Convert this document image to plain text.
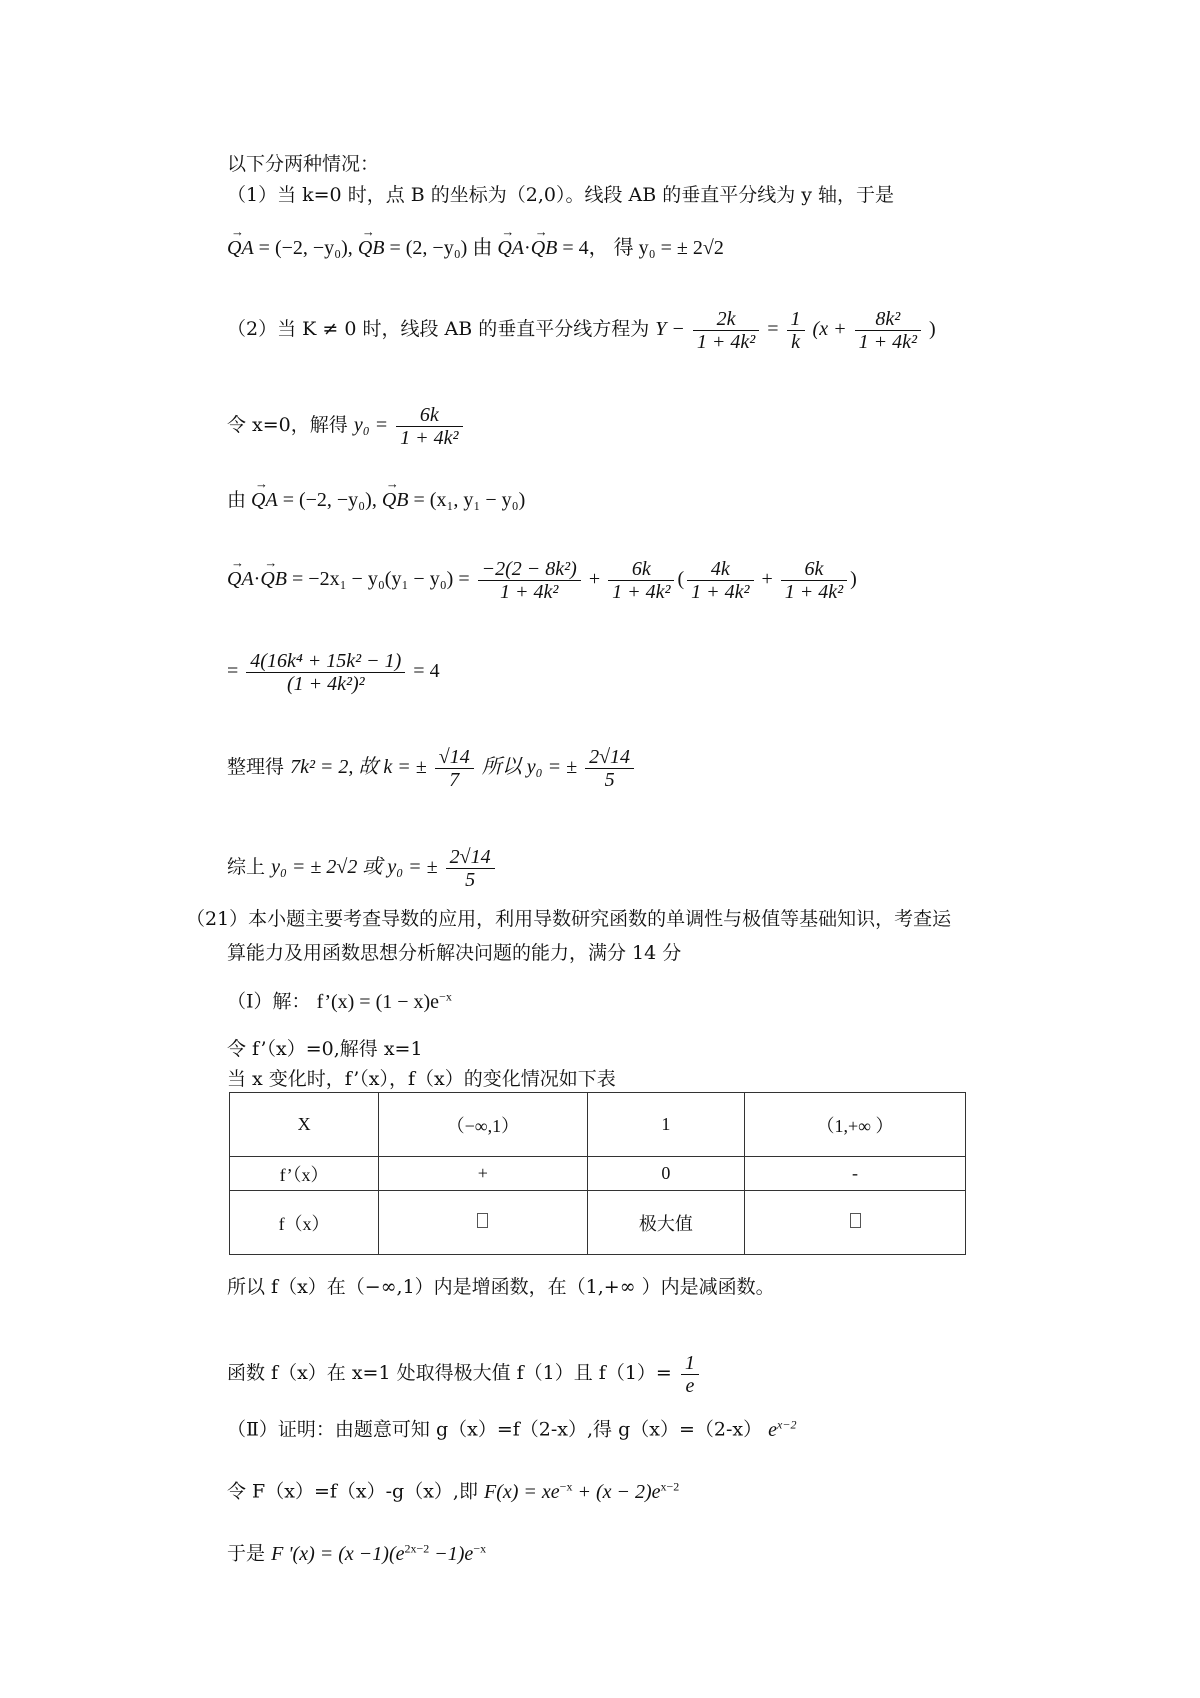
以下分两种情况：
（1）当 k=0 时，点 B 的坐标为（2,0）。线段 AB 的垂直平分线为 y 轴，于是
→ QA = (−2, −y₀), → QB = (2, −y₀) 由 → QA·→ QB = 4， 得 y₀ = ± 2√2
（2）当 K ≠ 0 时，线段 AB 的垂直平分线方程为 $Y - \frac{2k}{\text{1 + 4k²}} = \frac{1}{k} (x + \frac{\text{8k²}}{\text{1 + 4k²}}$ )
令 x=0，解得 $y_0 = \frac{6k}{\text{1 + 4k²}}$
由 → QA = (−2, −y₀), → QB = (x₁, y₁ − y₀)
→ QA·→ QB = $-2x_1 - y_0(y_1 - y_0) = \frac{\text{−2(2 − 8k²)}}{\text{1 + 4k²}} + \frac{6k}{\text{1 + 4k²}}$ ( $\frac{4k}{\text{1 + 4k²}} + \frac{6k}{\text{1 + 4k²}}$ )
= $\frac{\text{4(16k⁴ + 15k² − 1)}}{\text{(1 + 4k²)²}} = 4$
整理得 7k² = 2, 故 k = ± $\frac{√14}{7}$ 所以 y₀ = ± $\frac{2√14}{5}$
综上 y₀ = ± 2√2 或 y₀ = ± $\frac{2√14}{5}$
（21）本小题主要考查导数的应用，利用导数研究函数的单调性与极值等基础知识，考查运
算能力及用函数思想分析解决问题的能力，满分 14 分
（Ⅰ）解： f’(x) = $(1 - x)e^{-x}$
令 f’（x）=0,解得 x=1
当 x 变化时，f’（x），f（x）的变化情况如下表
X	（−∞,1）	1	（1,+∞ ）
f’（x）	+	0	-
f（x）		极大值	
所以 f（x）在（−∞,1）内是增函数，在（1,+∞ ）内是减函数。
函数 f（x）在 x=1 处取得极大值 f（1）且 $f(1)= \frac{1}{e}$
（Ⅱ）证明：由题意可知 g（x）=f（2-x）,得 g（x）=（2-x） $e^{x-2}$
令 F（x）=f（x）-g（x）,即 $F(x) = xe^{-x} + (x - 2)e^{x-2}$
于是 F '$(x) = (x -1)(e^{2x-2} -1)e^{-x}$
